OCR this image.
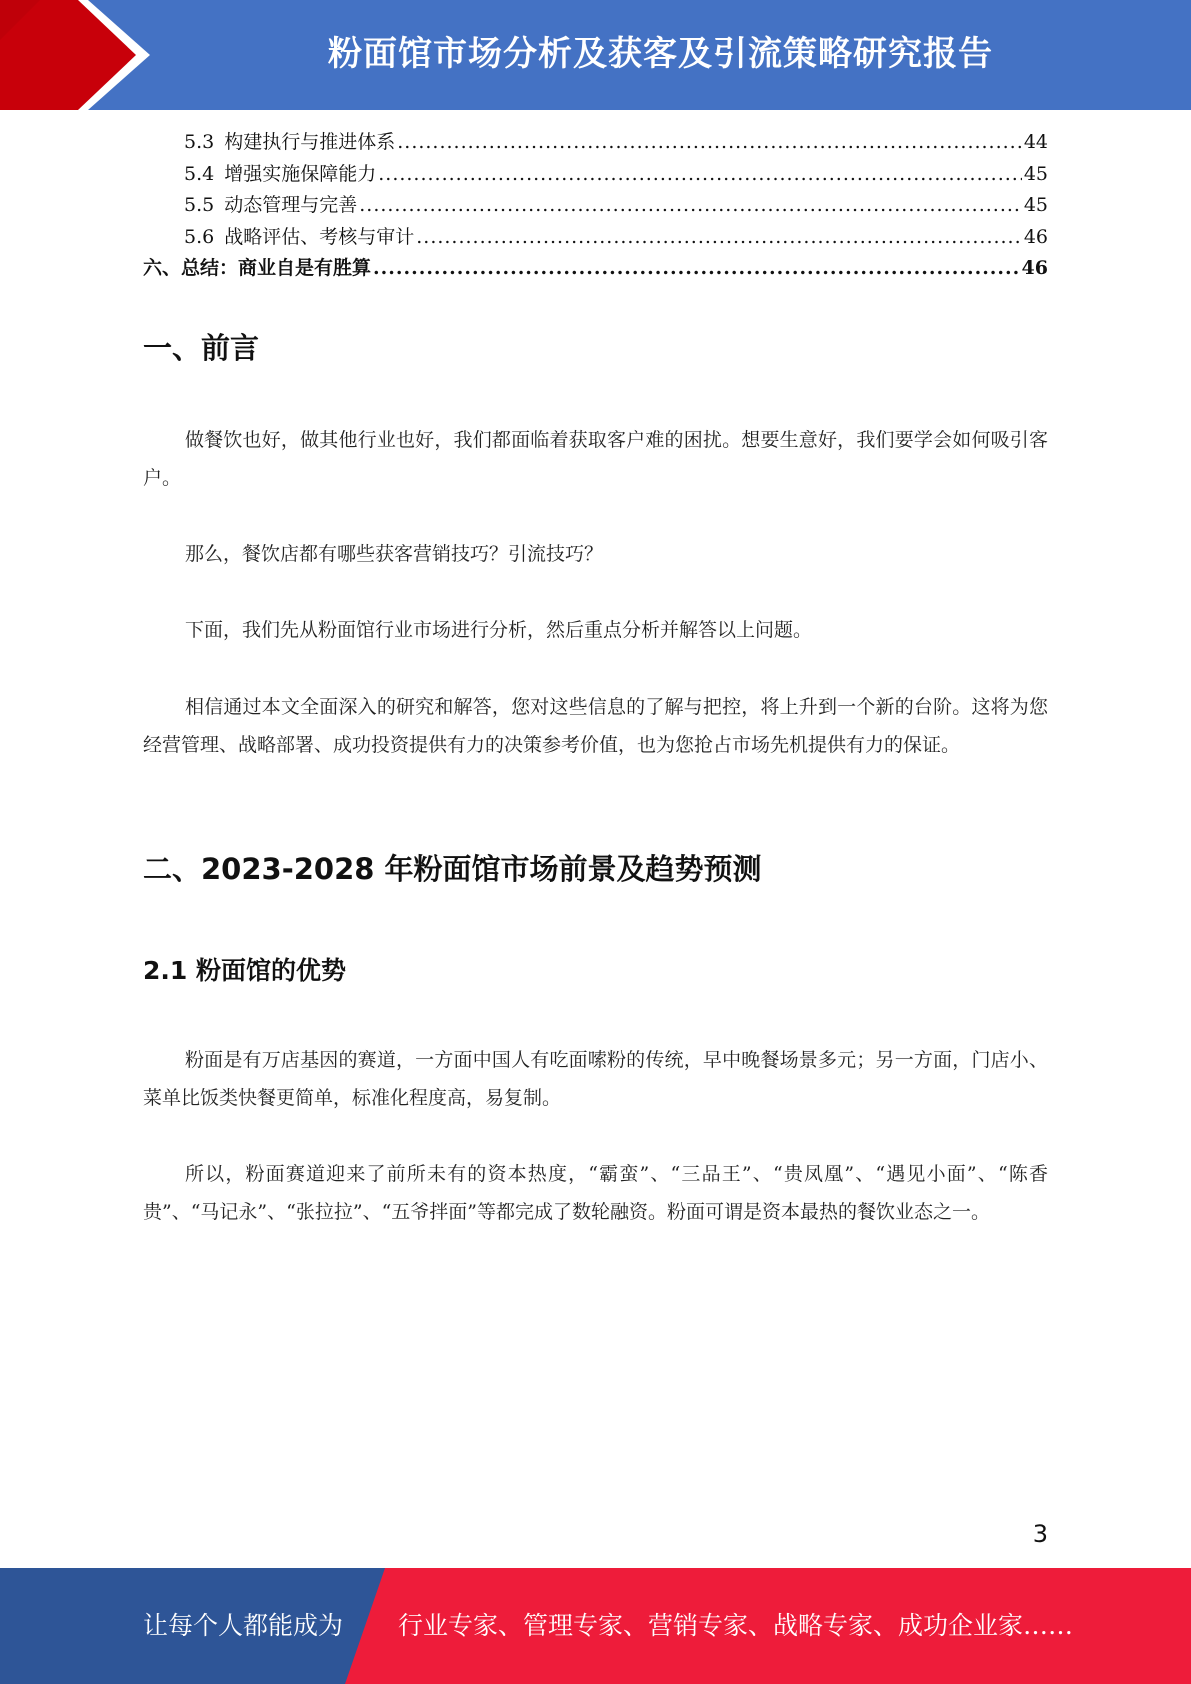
粉面馆市场分析及获客及引流策略研究报告
5.3 构建执行与推进体系 .....	44
5.4 增强实施保障能力 .....	45
5.5 动态管理与完善 .....	45
5.6 战略评估、考核与审计 .....	46
六、总结：商业自是有胜算 .....	46
一、前言

做餐饮也好，做其他行业也好，我们都面临着获取客户难的困扰。想要生意好，我们要学会如何吸引客户。

那么，餐饮店都有哪些获客营销技巧？引流技巧？

下面，我们先从粉面馆行业市场进行分析，然后重点分析并解答以上问题。

相信通过本文全面深入的研究和解答，您对这些信息的了解与把控，将上升到一个新的台阶。这将为您经营管理、战略部署、成功投资提供有力的决策参考价值，也为您抢占市场先机提供有力的保证。

二、2023-2028 年粉面馆市场前景及趋势预测
2.1 粉面馆的优势

粉面是有万店基因的赛道，一方面中国人有吃面嗦粉的传统，早中晚餐场景多元；另一方面，门店小、菜单比饭类快餐更简单，标准化程度高，易复制。

所以，粉面赛道迎来了前所未有的资本热度，“霸蛮”、“三品王”、“贵凤凰”、“遇见小面”、“陈香贵”、“马记永”、“张拉拉”、“五爷拌面”等都完成了数轮融资。粉面可谓是资本最热的餐饮业态之一。

3
让每个人都能成为 行业专家、管理专家、营销专家、战略专家、成功企业家……
